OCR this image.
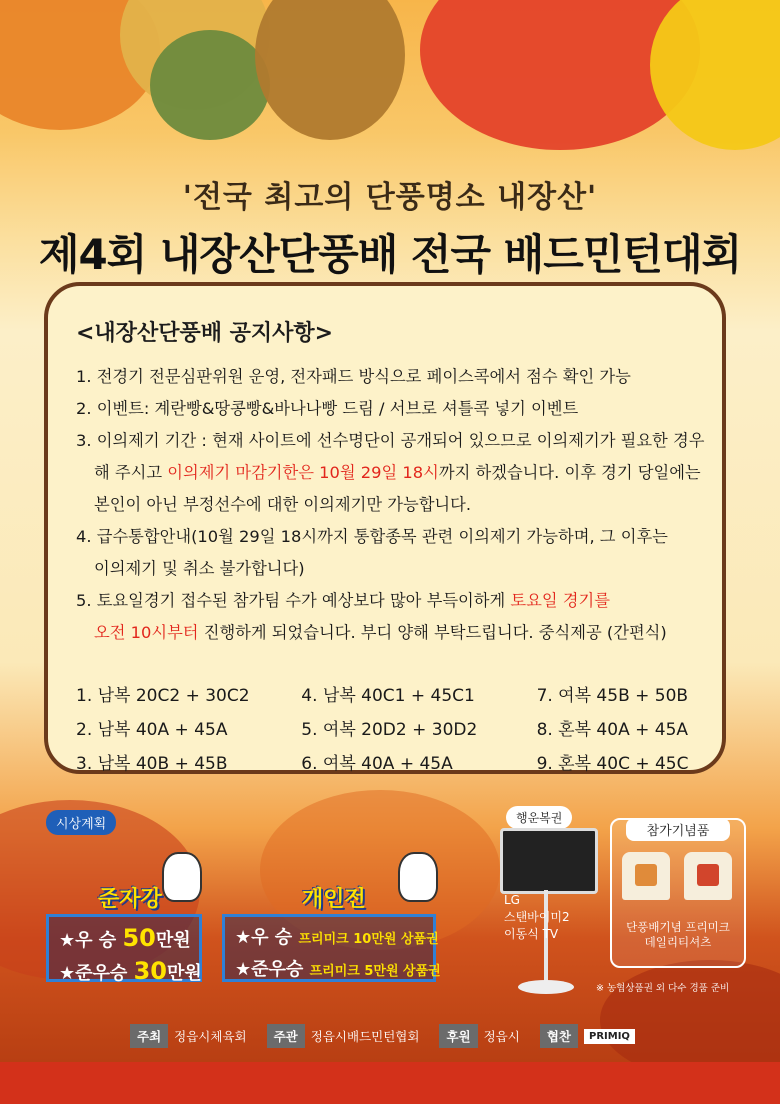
'전국 최고의 단풍명소 내장산'
제4회 내장산단풍배 전국 배드민턴대회
<내장산단풍배 공지사항>
1. 전경기 전문심판위원 운영, 전자패드 방식으로 페이스콕에서 점수 확인 가능
2. 이벤트: 계란빵&땅콩빵&바나나빵 드림 / 서브로 셔틀콕 넣기 이벤트
3. 이의제기 기간 : 현재 사이트에 선수명단이 공개되어 있으므로 이의제기가 필요한 경우
해 주시고 이의제기 마감기한은 10월 29일 18시까지 하겠습니다. 이후 경기 당일에는
본인이 아닌 부정선수에 대한 이의제기만 가능합니다.
4. 급수통합안내(10월 29일 18시까지 통합종목 관련 이의제기 가능하며, 그 이후는
이의제기 및 취소 불가합니다)
5. 토요일경기 접수된 참가팀 수가 예상보다 많아 부득이하게 토요일 경기를
오전 10시부터 진행하게 되었습니다. 부디 양해 부탁드립니다. 중식제공 (간편식)
1. 남복 20C2 + 30C2	4. 남복 40C1 + 45C1	7. 여복 45B + 50B
2. 남복 40A + 45A	5. 여복 20D2 + 30D2	8. 혼복 40A + 45A
3. 남복 40B + 45B	6. 여복 40A + 45A	9. 혼복 40C + 45C
시상계획
준자강
★우 승 50만원
★준우승 30만원
개인전
★우 승 프리미크 10만원 상품권
★준우승 프리미크 5만원 상품권
행운복권
LG
스탠바이미2
이동식 TV
참가기념품
단풍배기념 프리미크
데일리티셔츠
※ 농협상품권 외 다수 경품 준비
주최	정읍시체육회	주관	정읍시배드민턴협회	후원	정읍시	협찬	PRIMIQ
